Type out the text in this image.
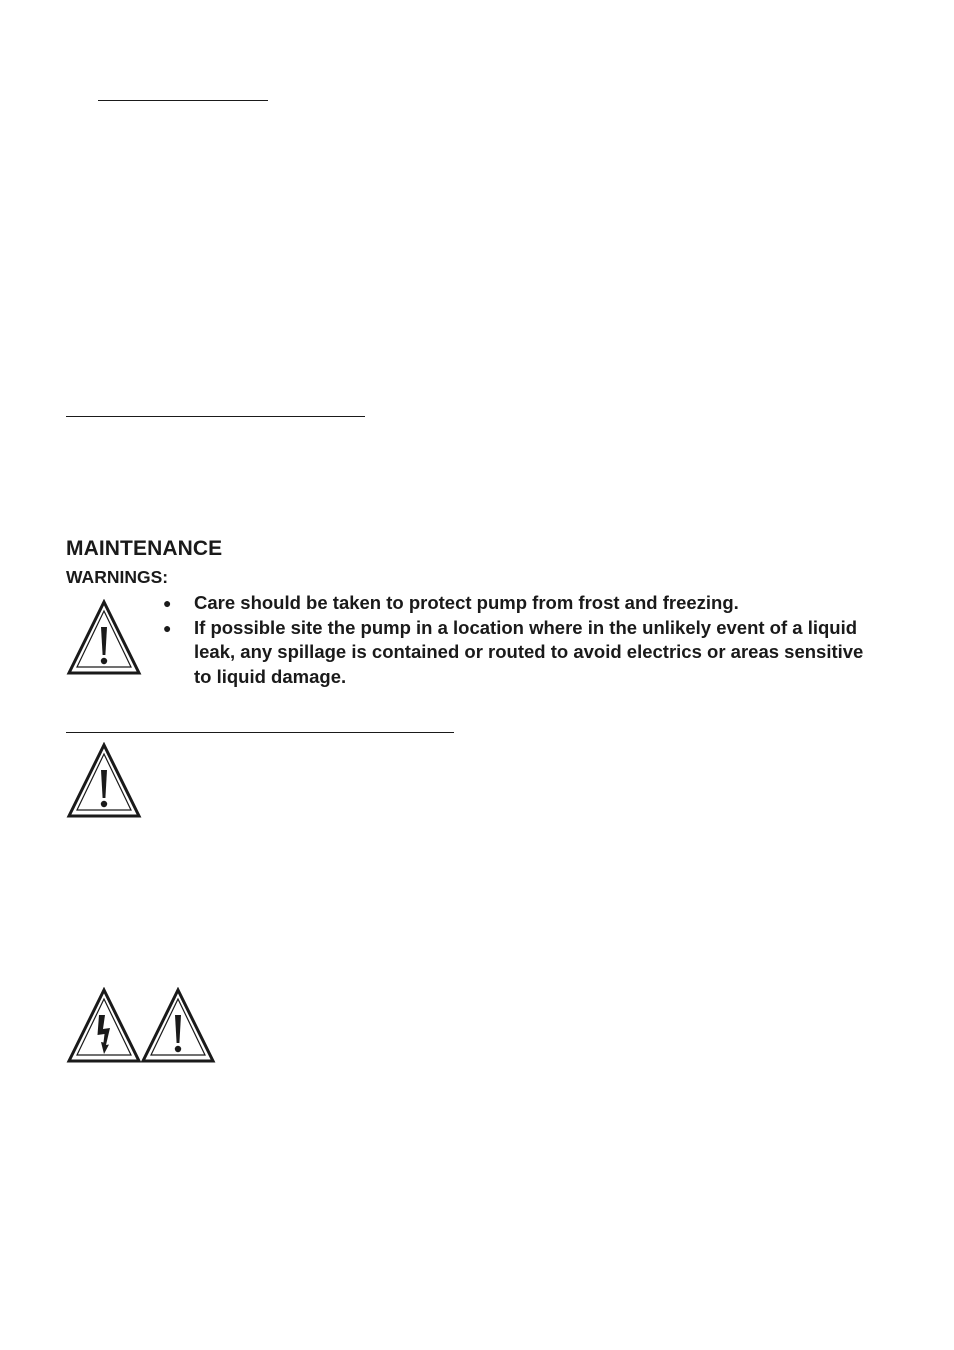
MAINTENANCE
WARNINGS:
● Care should be taken to protect pump from frost and freezing.
● If possible site the pump in a location where in the unlikely event of a liquid leak, any spillage is contained or routed to avoid electrics or areas sensitive to liquid damage.
